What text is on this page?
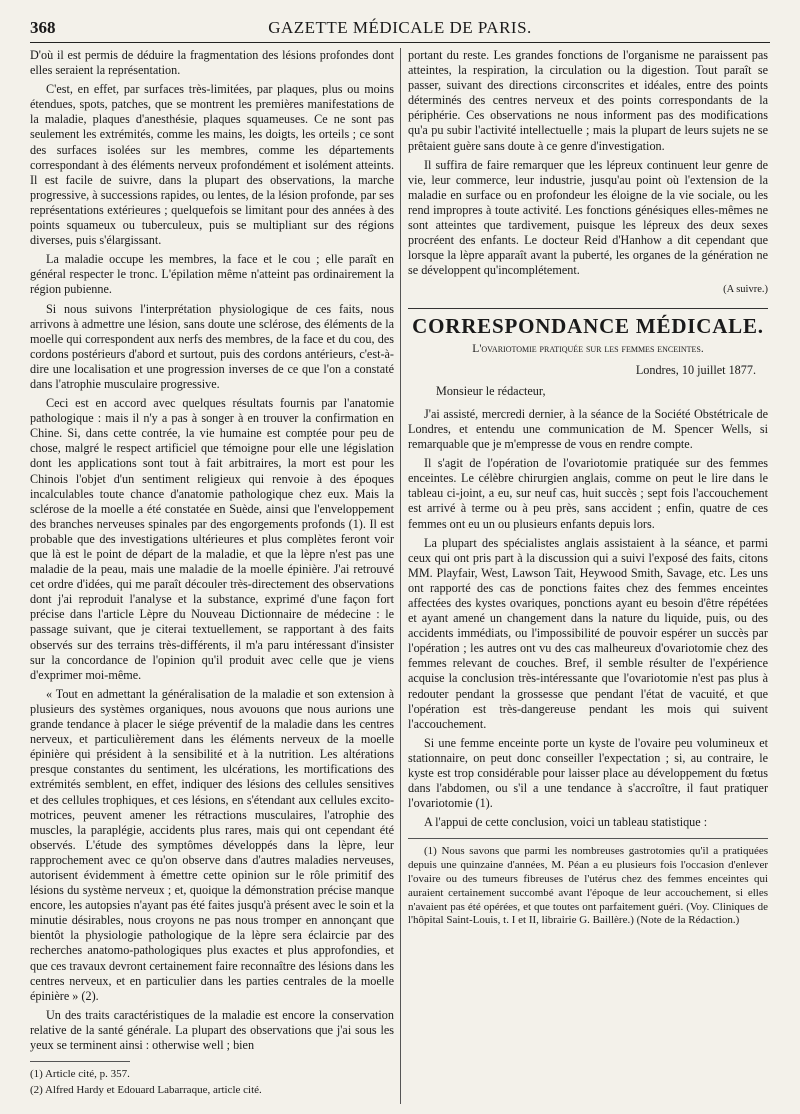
368	GAZETTE MÉDICALE DE PARIS.

D'où il est permis de déduire la fragmentation des lésions profondes dont elles seraient la représentation.

C'est, en effet, par surfaces très-limitées, par plaques, plus ou moins étendues, spots, patches, que se montrent les premières manifestations de la maladie, plaques d'anesthésie, plaques squameuses. Ce ne sont pas seulement les extrémités, comme les mains, les doigts, les orteils ; ce sont des surfaces isolées sur les membres, comme les départements correspondant à des éléments nerveux profondément et isolément atteints. Il est facile de suivre, dans la plupart des observations, la marche progressive, à successions rapides, ou lentes, de la lésion profonde, par ses représentations extérieures ; quelquefois se limitant pour des années à des points squameux ou tuberculeux, puis se multipliant sur des régions diverses, puis s'élargissant.

La maladie occupe les membres, la face et le cou ; elle paraît en général respecter le tronc. L'épilation même n'atteint pas ordinairement la région pubienne.

Si nous suivons l'interprétation physiologique de ces faits, nous arrivons à admettre une lésion, sans doute une sclérose, des éléments de la moelle qui correspondent aux nerfs des membres, de la face et du cou, des cordons postérieurs d'abord et surtout, puis des cordons antérieurs, c'est-à-dire une localisation et une progression inverses de ce que l'on a constaté dans l'atrophie musculaire progressive.

Ceci est en accord avec quelques résultats fournis par l'anatomie pathologique : mais il n'y a pas à songer à en trouver la confirmation en Chine. Si, dans cette contrée, la vie humaine est comptée pour peu de chose, malgré le respect artificiel que témoigne pour elle une législation dont les applications sont tout à fait arbitraires, la mort est pour les Chinois l'objet d'un sentiment religieux qui renvoie à des époques incalculables toute chance d'anatomie pathologique chez eux. Mais la sclérose de la moelle a été constatée en Suède, ainsi que l'enveloppement des branches nerveuses spinales par des engorgements profonds (1). Il est probable que des investigations ultérieures et plus complètes feront voir que là est le point de départ de la maladie, et que la lèpre n'est pas une maladie de la peau, mais une maladie de la moelle épinière. J'ai retrouvé cet ordre d'idées, qui me paraît découler très-directement des observations dont j'ai reproduit l'analyse et la substance, exprimé d'une façon fort précise dans l'article Lèpre du Nouveau Dictionnaire de médecine : le passage suivant, que je citerai textuellement, se rapportant à des faits observés sur des terrains très-différents, il m'a paru intéressant d'insister sur la concordance de l'opinion qu'il produit avec celle que je viens d'exprimer moi-même.

« Tout en admettant la généralisation de la maladie et son extension à plusieurs des systèmes organiques, nous avouons que nous aurions une grande tendance à placer le siége préventif de la maladie dans les centres nerveux, et particulièrement dans les éléments nerveux de la moelle épinière qui président à la sensibilité et à la nutrition. Les altérations presque constantes du sentiment, les ulcérations, les mortifications des extrémités semblent, en effet, indiquer des lésions des cellules sensitives et des cellules trophiques, et ces lésions, en s'étendant aux cellules excito-motrices, peuvent amener les rétractions musculaires, l'atrophie des muscles, la paraplégie, accidents plus rares, mais qui ont cependant été observés. L'étude des symptômes développés dans la lèpre, leur rapprochement avec ce qu'on observe dans d'autres maladies nerveuses, autorisent évidemment à émettre cette opinion sur le rôle primitif des lésions du système nerveux ; et, quoique la démonstration précise manque encore, les autopsies n'ayant pas été faites jusqu'à présent avec le soin et la minutie désirables, nous croyons ne pas nous tromper en annonçant que bientôt la physiologie pathologique de la lèpre sera éclaircie par des recherches anatomo-pathologiques plus exactes et plus approfondies, et que ces travaux devront certainement faire reconnaître des lésions dans les centres nerveux, et en particulier dans les parties centrales de la moelle épinière » (2).

Un des traits caractéristiques de la maladie est encore la conservation relative de la santé générale. La plupart des observations que j'ai sous les yeux se terminent ainsi : otherwise well ; bien

(1) Article cité, p. 357.

(2) Alfred Hardy et Edouard Labarraque, article cité.

portant du reste. Les grandes fonctions de l'organisme ne paraissent pas atteintes, la respiration, la circulation ou la digestion. Tout paraît se passer, suivant des directions circonscrites et idéales, entre des points déterminés des centres nerveux et des points correspondants de la périphérie. Ces observations ne nous informent pas des modifications qu'a pu subir l'activité intellectuelle ; mais la plupart de leurs sujets ne se prêtaient guère sans doute à ce genre d'investigation.

Il suffira de faire remarquer que les lépreux continuent leur genre de vie, leur commerce, leur industrie, jusqu'au point où l'extension de la maladie en surface ou en profondeur les éloigne de la vie sociale, ou les rend impropres à toute activité. Les fonctions génésiques elles-mêmes ne sont atteintes que tardivement, puisque les lépreux des deux sexes procréent des enfants. Le docteur Reid d'Hanhow a dit cependant que lorsque la lèpre apparaît avant la puberté, les organes de la génération ne se développent qu'incomplétement.

(A suivre.)

CORRESPONDANCE MÉDICALE.
L'ovariotomie pratiquée sur les femmes enceintes.

Londres, 10 juillet 1877.

Monsieur le rédacteur,

J'ai assisté, mercredi dernier, à la séance de la Société Obstétricale de Londres, et entendu une communication de M. Spencer Wells, si remarquable que je m'empresse de vous en rendre compte.

Il s'agit de l'opération de l'ovariotomie pratiquée sur des femmes enceintes. Le célèbre chirurgien anglais, comme on peut le lire dans le tableau ci-joint, a eu, sur neuf cas, huit succès ; sept fois l'accouchement est arrivé à terme ou à peu près, sans accident ; enfin, quatre de ces femmes ont eu un ou plusieurs enfants depuis lors.

La plupart des spécialistes anglais assistaient à la séance, et parmi ceux qui ont pris part à la discussion qui a suivi l'exposé des faits, citons MM. Playfair, West, Lawson Tait, Heywood Smith, Savage, etc. Les uns ont rapporté des cas de ponctions faites chez des femmes enceintes affectées des kystes ovariques, ponctions ayant eu besoin d'être répétées et ayant amené un changement dans la nature du liquide, puis, ou des accidents immédiats, ou l'impossibilité de pouvoir espérer un succès par l'opération ; les autres ont vu des cas malheureux d'ovariotomie chez des femmes relevant de couches. Bref, il semble résulter de l'expérience acquise la conclusion très-intéressante que l'ovariotomie n'est pas plus à redouter pendant la grossesse que pendant l'état de vacuité, et que l'opération est très-dangereuse pendant les mois qui suivent l'accouchement.

Si une femme enceinte porte un kyste de l'ovaire peu volumineux et stationnaire, on peut donc conseiller l'expectation ; si, au contraire, le kyste est trop considérable pour laisser place au développement du fœtus dans l'abdomen, ou s'il a une tendance à s'accroître, il faut pratiquer l'ovariotomie (1).

A l'appui de cette conclusion, voici un tableau statistique :

(1) Nous savons que parmi les nombreuses gastrotomies qu'il a pratiquées depuis une quinzaine d'années, M. Péan a eu plusieurs fois l'occasion d'enlever l'ovaire ou des tumeurs fibreuses de l'utérus chez des femmes enceintes qui auraient certainement succombé avant l'époque de leur accouchement, si elles n'avaient pas été opérées, et que toutes ont parfaitement guéri. (Voy. Cliniques de l'hôpital Saint-Louis, t. I et II, librairie G. Baillère.) (Note de la Rédaction.)
